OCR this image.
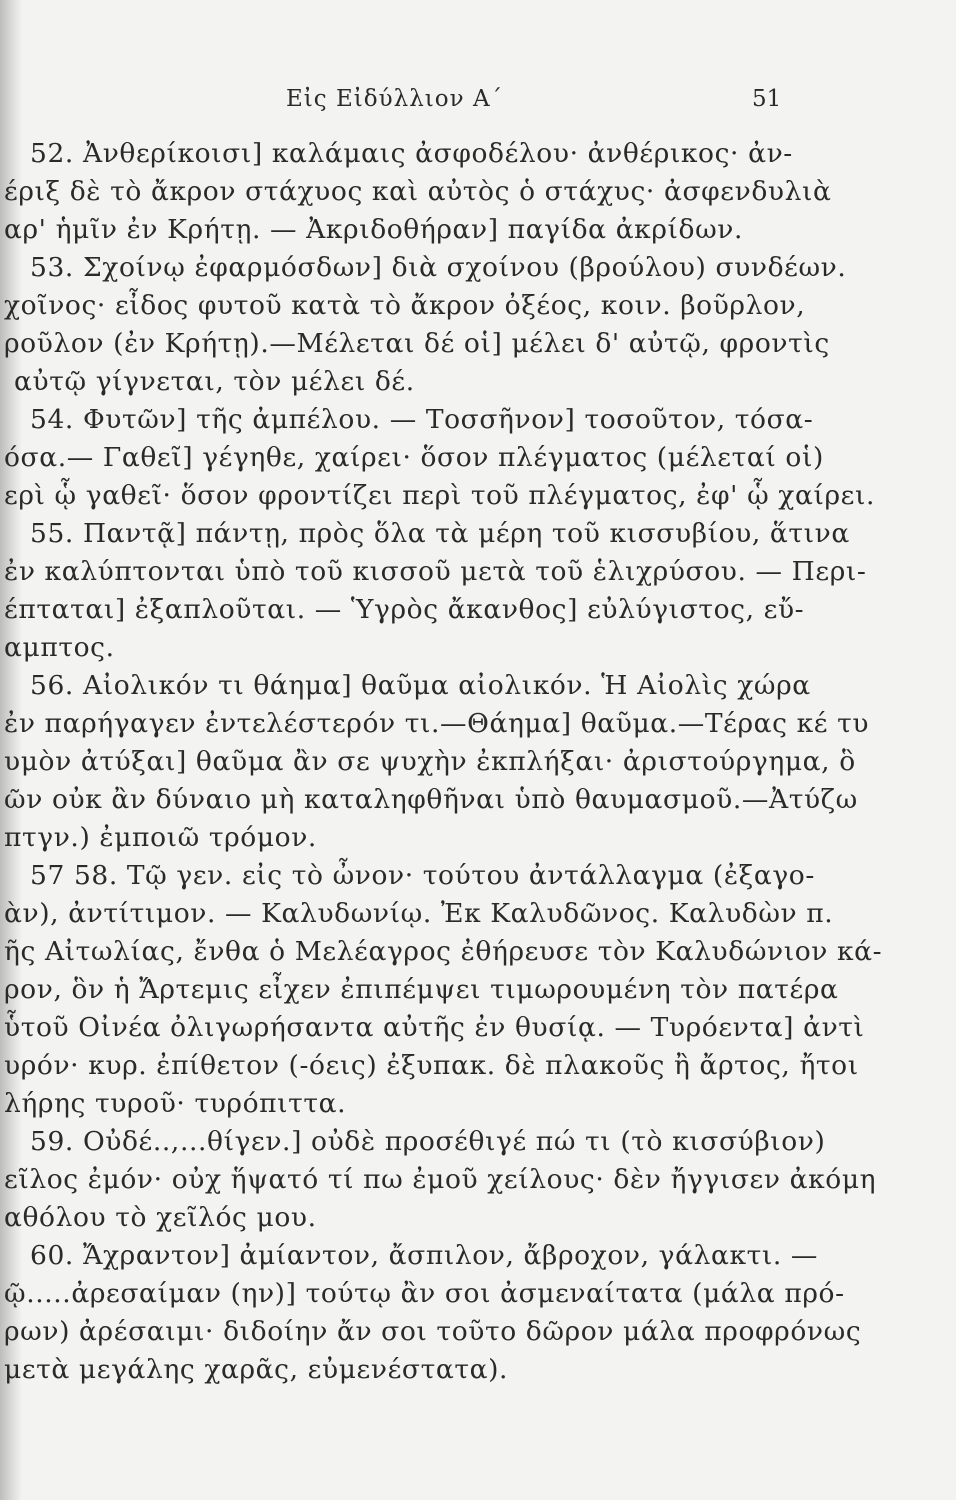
Εἰς Εἰδύλλιον Α΄	51
52. Ἀνθερίκοισι] καλάμαις ἀσφοδέλου· ἀνθέρικος· ἀν-
έριξ δὲ τὸ ἄκρον στάχυος καὶ αὐτὸς ὁ στάχυς· ἀσφενδυλιὰ
αρ' ἡμῖν ἐν Κρήτῃ. — Ἀκριδοθήραν] παγίδα ἀκρίδων.
53. Σχοίνῳ ἐφαρμόσδων] διὰ σχοίνου (βρούλου) συνδέων.
χοῖνος· εἶδος φυτοῦ κατὰ τὸ ἄκρον ὀξέος, κοιν. βοῦρλον,
ροῦλον (ἐν Κρήτῃ).—Μέλεται δέ οἱ] μέλει δ' αὐτῷ, φροντὶς
αὐτῷ γίγνεται, τὸν μέλει δέ.
54. Φυτῶν] τῆς ἀμπέλου. — Τοσσῆνον] τοσοῦτον, τόσα-
όσα.— Γαθεῖ] γέγηθε, χαίρει· ὅσον πλέγματος (μέλεταί οἱ)
ερὶ ᾧ γαθεῖ· ὅσον φροντίζει περὶ τοῦ πλέγματος, ἐφ' ᾧ χαίρει.
55. Παντᾷ] πάντῃ, πρὸς ὅλα τὰ μέρη τοῦ κισσυβίου, ἅτινα
ἐν καλύπτονται ὑπὸ τοῦ κισσοῦ μετὰ τοῦ ἑλιχρύσου. — Περι-
έπταται] ἐξαπλοῦται. — Ὑγρὸς ἄκανθος] εὐλύγιστος, εὔ-
αμπτος.
56. Αἰολικόν τι θάημα] θαῦμα αἰολικόν. Ἡ Αἰολὶς χώρα
ἐν παρήγαγεν ἐντελέστερόν τι.—Θάημα] θαῦμα.—Τέρας κέ τυ
υμὸν ἀτύξαι] θαῦμα ἂν σε ψυχὴν ἐκπλήξαι· ἀριστούργημα, ὃ
ῶν οὐκ ἂν δύναιο μὴ καταληφθῆναι ὑπὸ θαυμασμοῦ.—Ἀτύζω
πτγν.) ἐμποιῶ τρόμον.
57 58. Τῷ γεν. εἰς τὸ ὦνον· τούτου ἀντάλλαγμα (ἐξαγο-
ὰν), ἀντίτιμον. — Καλυδωνίῳ. Ἐκ Καλυδῶνος. Καλυδὼν π.
ῆς Αἰτωλίας, ἔνθα ὁ Μελέαγρος ἐθήρευσε τὸν Καλυδώνιον κά-
ρον, ὃν ἡ Ἄρτεμις εἶχεν ἐπιπέμψει τιμωρουμένη τὸν πατέρα
ὗτοῦ Οἰνέα ὀλιγωρήσαντα αὐτῆς ἐν θυσίᾳ. — Τυρόεντα] ἀντὶ
υρόν· κυρ. ἐπίθετον (-όεις) ἐξυπακ. δὲ πλακοῦς ἢ ἄρτος, ἤτοι
λήρης τυροῦ· τυρόπιττα.
59. Οὐδέ..,...θίγεν.] οὐδὲ προσέθιγέ πώ τι (τὸ κισσύβιον)
εῖλος ἐμόν· οὐχ ἥψατό τί πω ἐμοῦ χείλους· δὲν ἤγγισεν ἀκόμη
αθόλου τὸ χεῖλός μου.
60. Ἄχραντον] ἀμίαντον, ἄσπιλον, ἄβροχον, γάλακτι. —
ῷ.....ἀρεσαίμαν (ην)] τούτῳ ἂν σοι ἀσμεναίτατα (μάλα πρό-
ρων) ἀρέσαιμι· διδοίην ἄν σοι τοῦτο δῶρον μάλα προφρόνως
μετὰ μεγάλης χαρᾶς, εὐμενέστατα).
